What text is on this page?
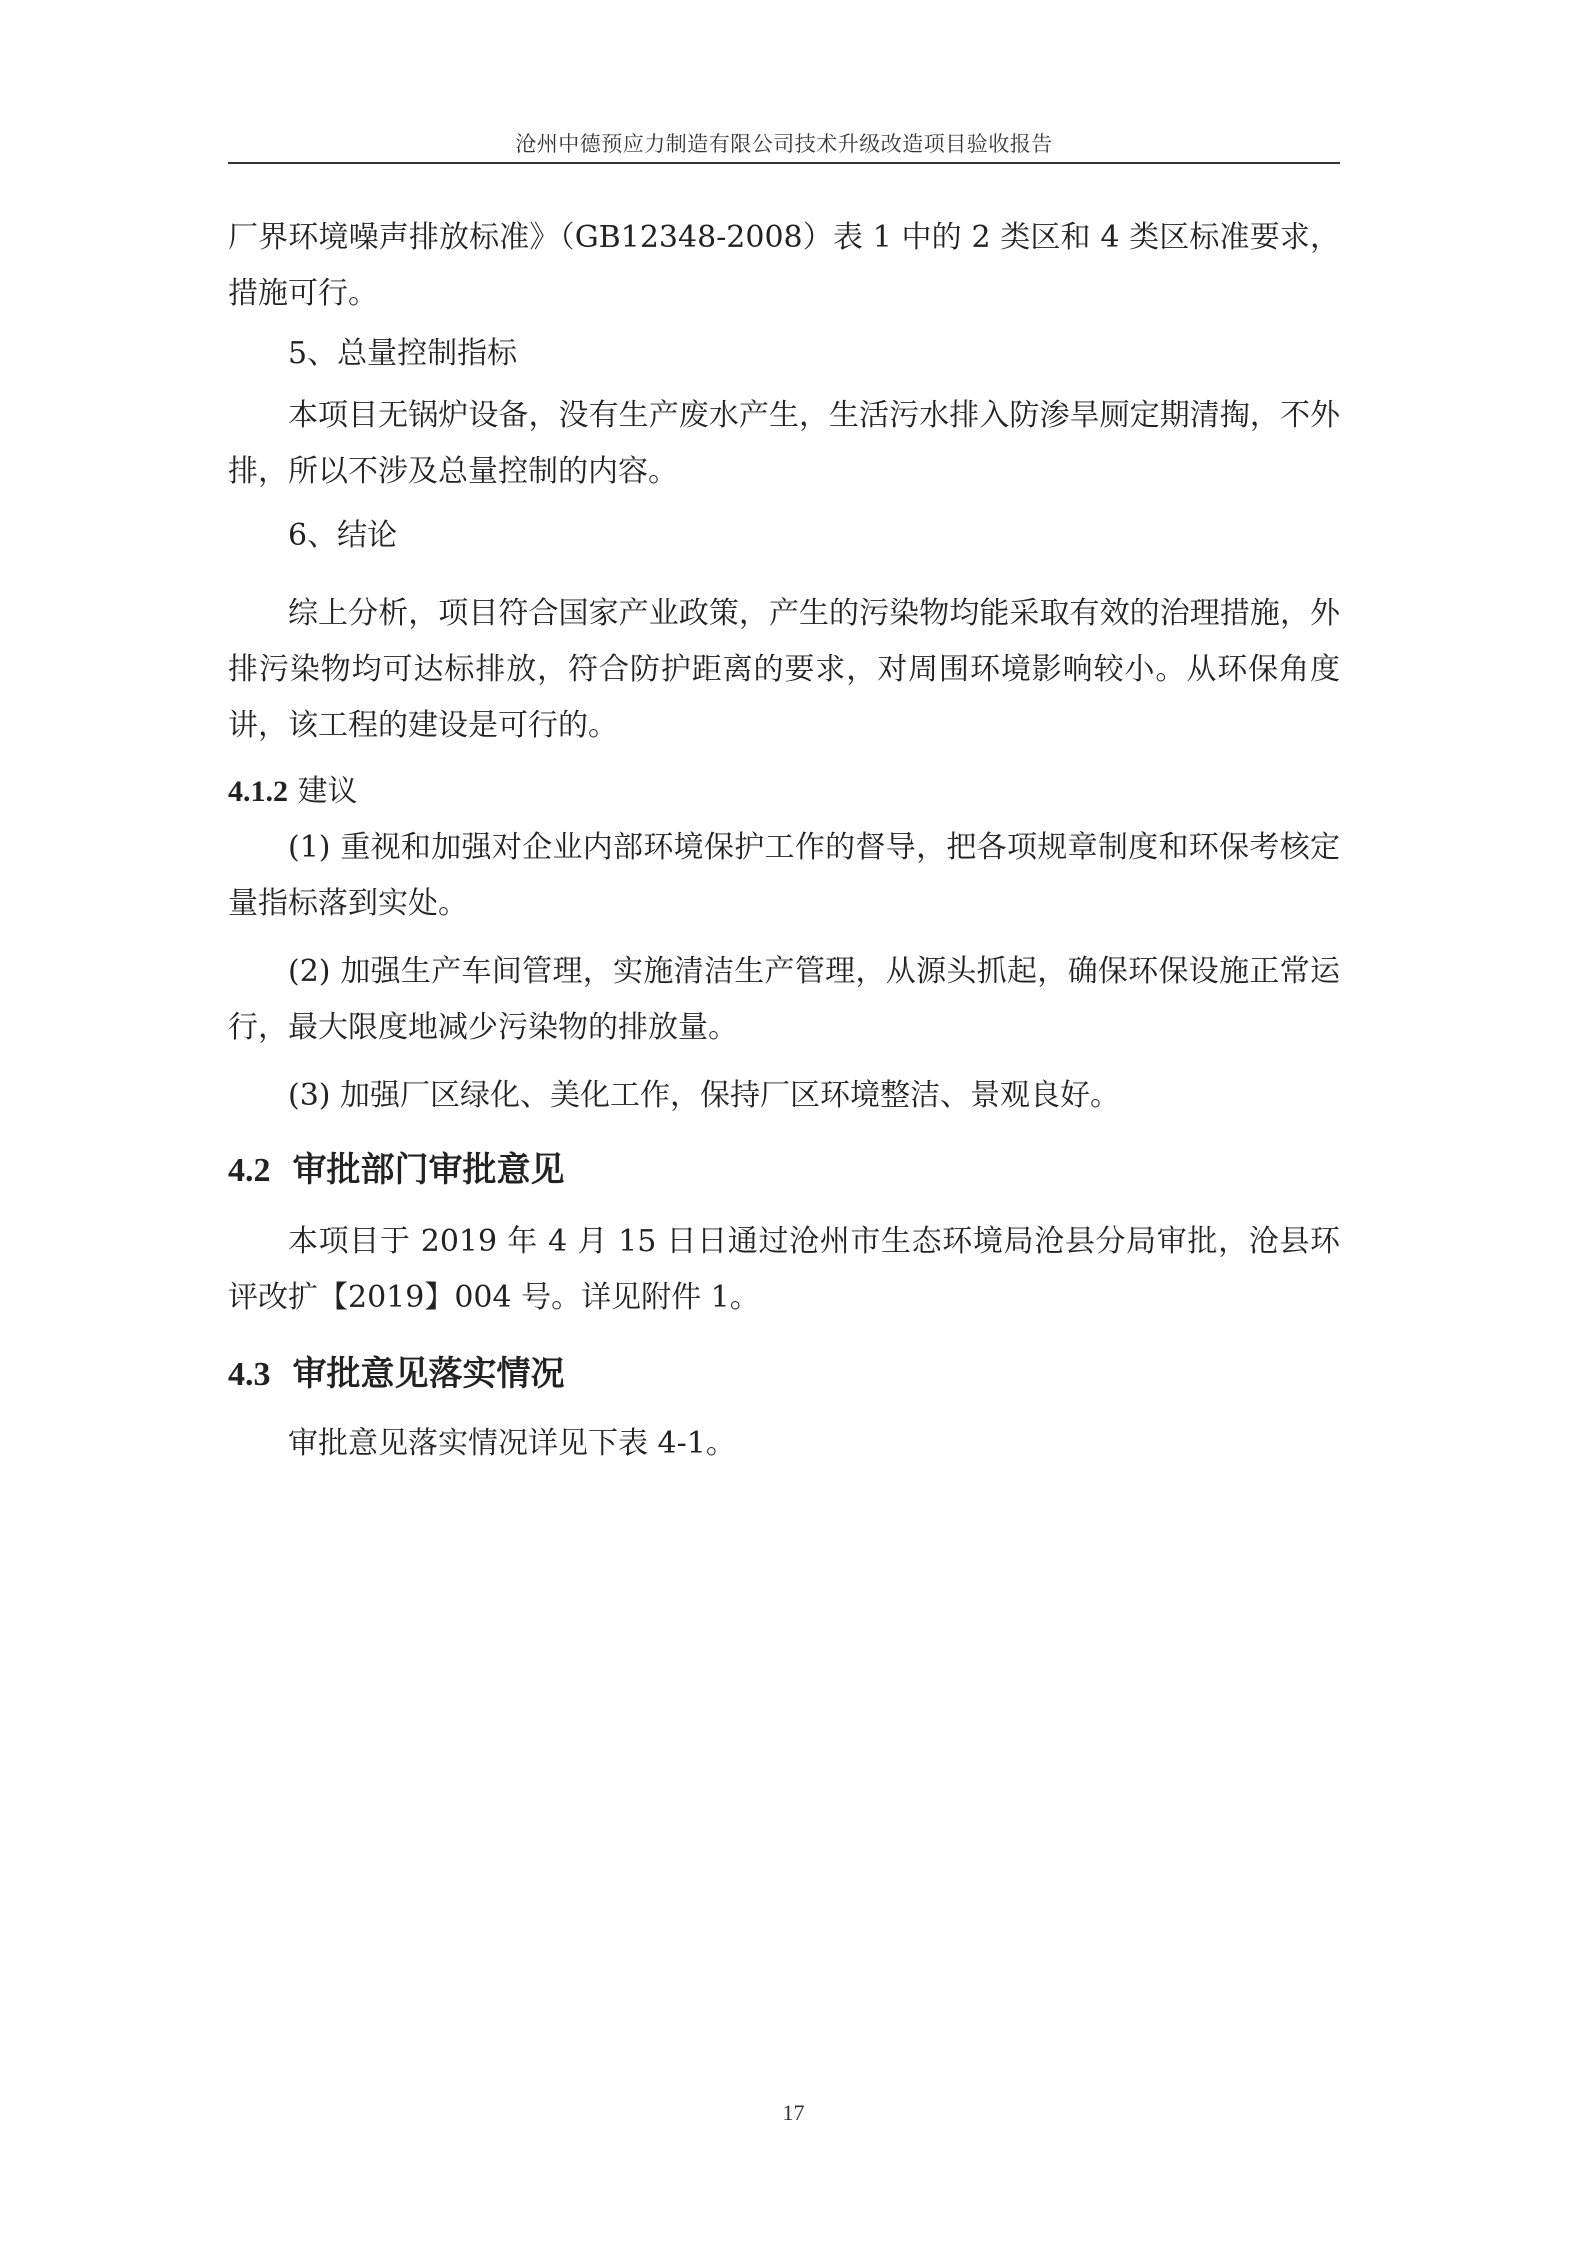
沧州中德预应力制造有限公司技术升级改造项目验收报告

厂界环境噪声排放标准》（GB12348-2008）表 1 中的 2 类区和 4 类区标准要求，措施可行。

5、总量控制指标

本项目无锅炉设备，没有生产废水产生，生活污水排入防渗旱厕定期清掏，不外排，所以不涉及总量控制的内容。

6、结论

综上分析，项目符合国家产业政策，产生的污染物均能采取有效的治理措施，外排污染物均可达标排放，符合防护距离的要求，对周围环境影响较小。从环保角度讲，该工程的建设是可行的。

4.1.2 建议

(1) 重视和加强对企业内部环境保护工作的督导，把各项规章制度和环保考核定量指标落到实处。

(2) 加强生产车间管理，实施清洁生产管理，从源头抓起，确保环保设施正常运行，最大限度地减少污染物的排放量。

(3) 加强厂区绿化、美化工作，保持厂区环境整洁、景观良好。

4.2 审批部门审批意见

本项目于 2019 年 4 月 15 日日通过沧州市生态环境局沧县分局审批，沧县环评改扩【2019】004 号。详见附件 1。

4.3 审批意见落实情况

审批意见落实情况详见下表 4-1。

17
